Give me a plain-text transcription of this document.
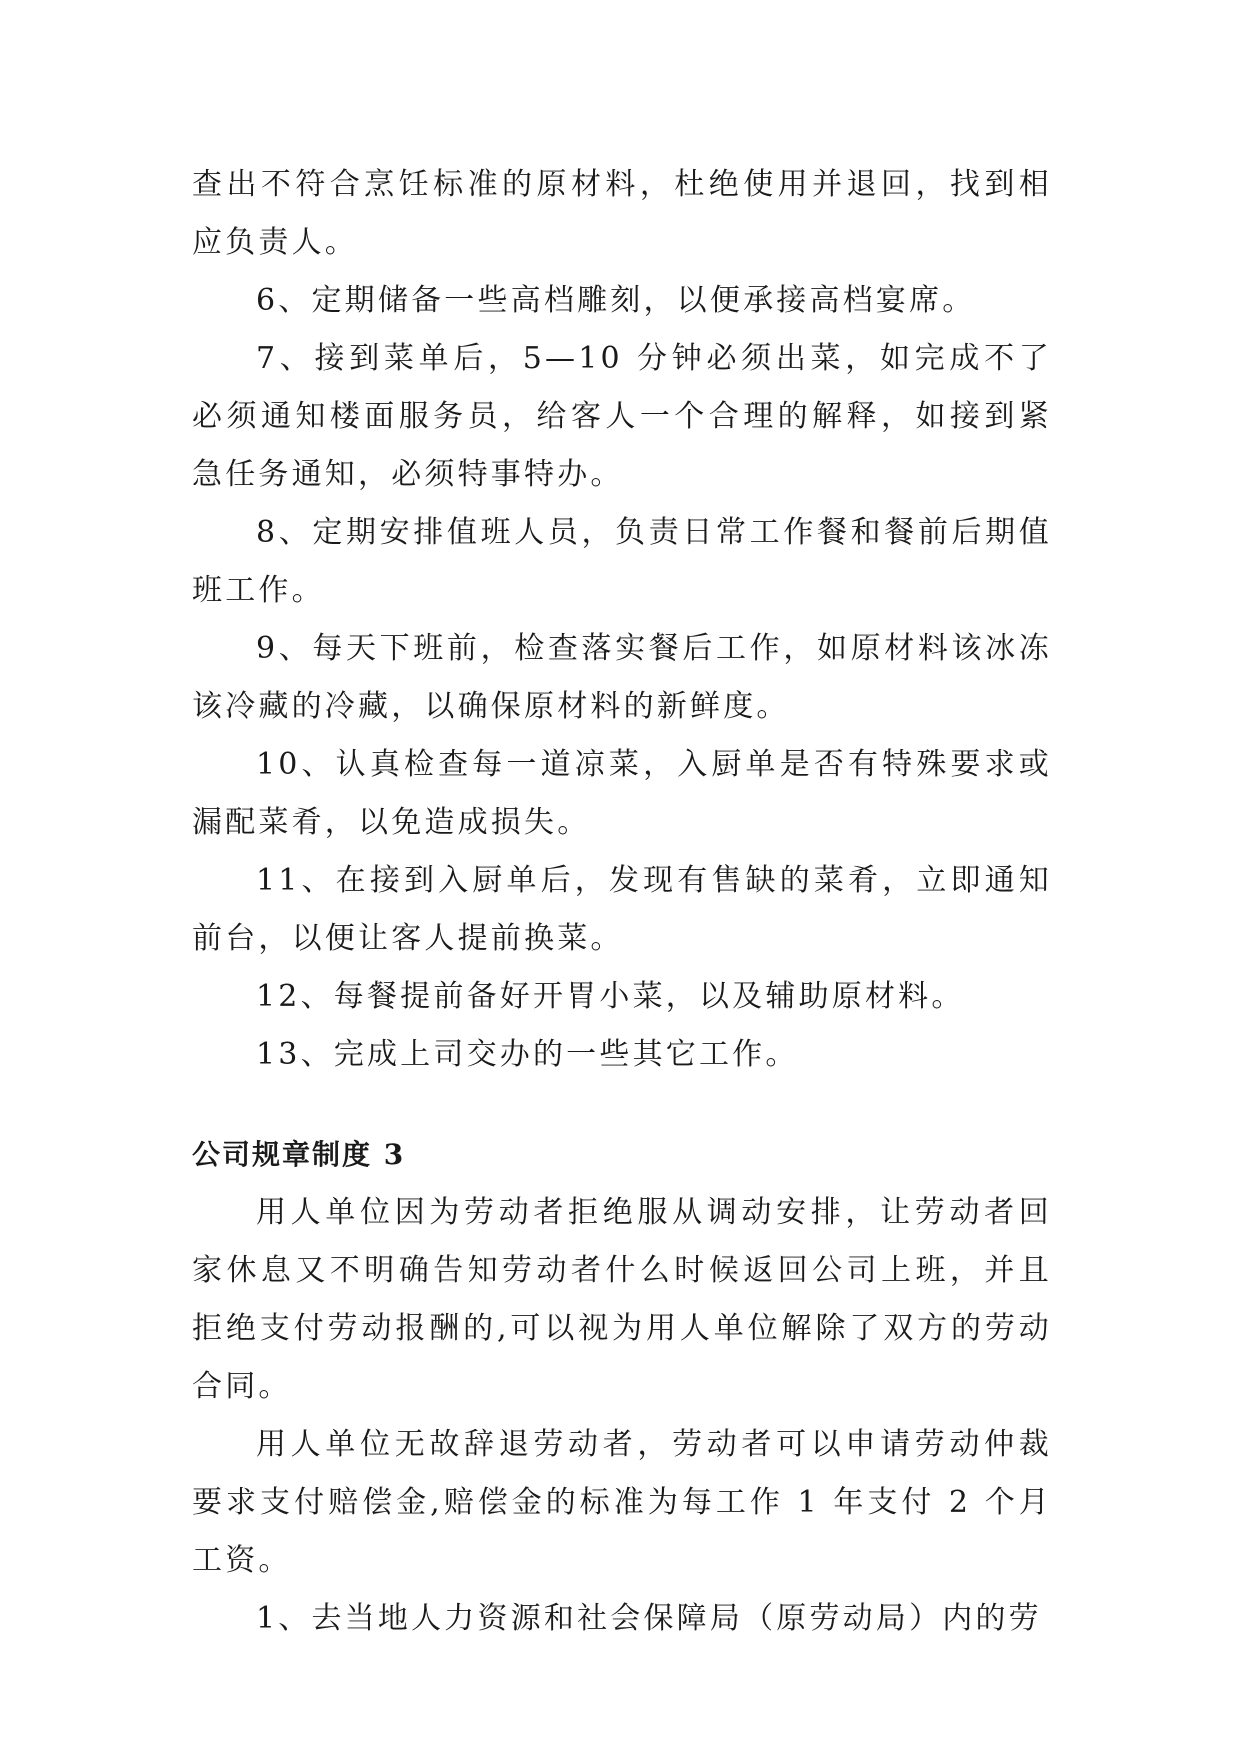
查出不符合烹饪标准的原材料，杜绝使用并退回，找到相应负责人。

6、定期储备一些高档雕刻，以便承接高档宴席。

7、接到菜单后，5—10 分钟必须出菜，如完成不了必须通知楼面服务员，给客人一个合理的解释，如接到紧急任务通知，必须特事特办。

8、定期安排值班人员，负责日常工作餐和餐前后期值班工作。

9、每天下班前，检查落实餐后工作，如原材料该冰冻该冷藏的冷藏，以确保原材料的新鲜度。

10、认真检查每一道凉菜，入厨单是否有特殊要求或漏配菜肴，以免造成损失。

11、在接到入厨单后，发现有售缺的菜肴，立即通知前台，以便让客人提前换菜。

12、每餐提前备好开胃小菜，以及辅助原材料。

13、完成上司交办的一些其它工作。

公司规章制度 3

用人单位因为劳动者拒绝服从调动安排，让劳动者回家休息又不明确告知劳动者什么时候返回公司上班，并且拒绝支付劳动报酬的,可以视为用人单位解除了双方的劳动合同。

用人单位无故辞退劳动者，劳动者可以申请劳动仲裁要求支付赔偿金,赔偿金的标准为每工作 1 年支付 2 个月工资。

1、去当地人力资源和社会保障局（原劳动局）内的劳
